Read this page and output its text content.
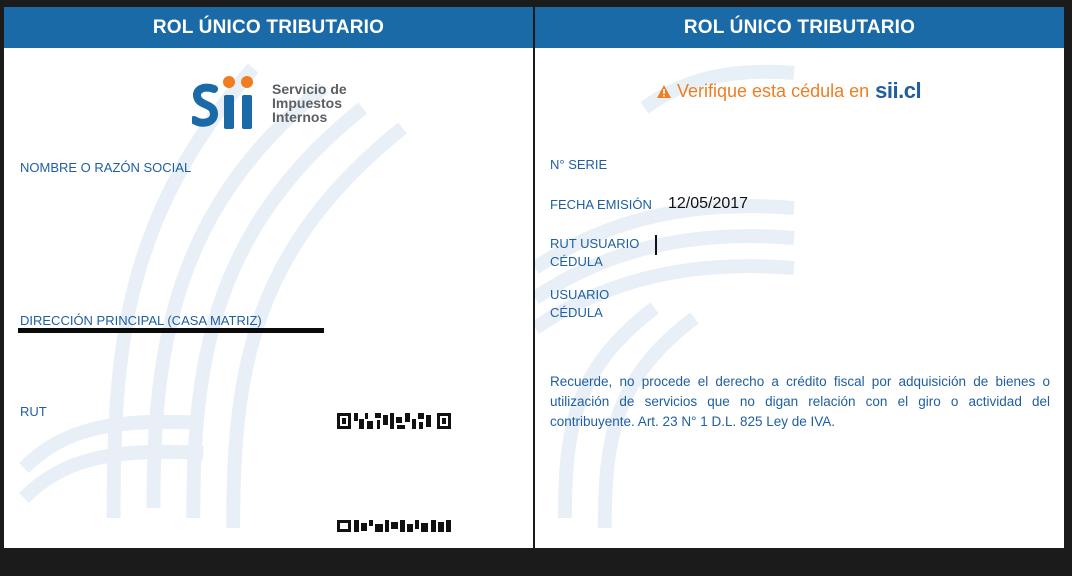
ROL ÚNICO TRIBUTARIO
Servicio de
Impuestos
Internos
NOMBRE O RAZÓN SOCIAL
DIRECCIÓN PRINCIPAL (CASA MATRIZ)
RUT
ROL ÚNICO TRIBUTARIO
Verifique esta cédula en sii.cl
N° SERIE
FECHA EMISIÓN 12/05/2017
RUT USUARIO
CÉDULA
USUARIO
CÉDULA
Recuerde, no procede el derecho a crédito fiscal por adquisición de bienes o utilización de servicios que no digan relación con el giro o actividad del contribuyente. Art. 23 N° 1 D.L. 825 Ley de IVA.
